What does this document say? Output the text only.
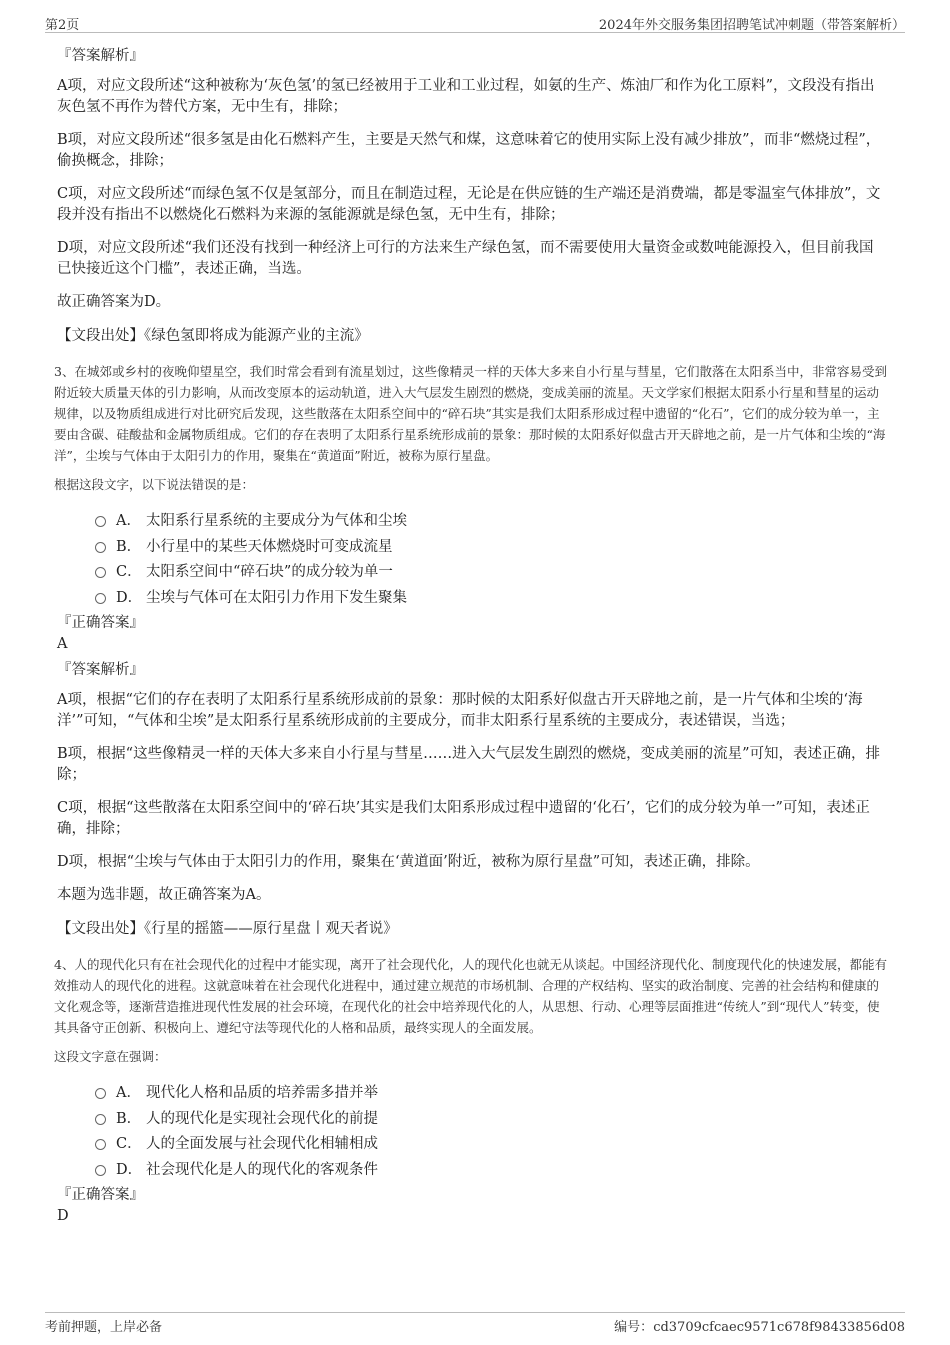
第2页	2024年外交服务集团招聘笔试冲刺题（带答案解析）
『答案解析』

A项，对应文段所述“这种被称为‘灰色氢’的氢已经被用于工业和工业过程，如氨的生产、炼油厂和作为化工原料”，文段没有指出灰色氢不再作为替代方案，无中生有，排除；

B项，对应文段所述“很多氢是由化石燃料产生，主要是天然气和煤，这意味着它的使用实际上没有减少排放”，而非“燃烧过程”，偷换概念，排除；

C项，对应文段所述“而绿色氢不仅是氢部分，而且在制造过程，无论是在供应链的生产端还是消费端，都是零温室气体排放”，文段并没有指出不以燃烧化石燃料为来源的氢能源就是绿色氢，无中生有，排除；

D项，对应文段所述“我们还没有找到一种经济上可行的方法来生产绿色氢，而不需要使用大量资金或数吨能源投入，但目前我国已快接近这个门槛”，表述正确，当选。

故正确答案为D。

【文段出处】《绿色氢即将成为能源产业的主流》

3、在城郊或乡村的夜晚仰望星空，我们时常会看到有流星划过，这些像精灵一样的天体大多来自小行星与彗星，它们散落在太阳系当中，非常容易受到附近较大质量天体的引力影响，从而改变原本的运动轨道，进入大气层发生剧烈的燃烧，变成美丽的流星。天文学家们根据太阳系小行星和彗星的运动规律，以及物质组成进行对比研究后发现，这些散落在太阳系空间中的“碎石块”其实是我们太阳系形成过程中遗留的“化石”，它们的成分较为单一，主要由含碳、硅酸盐和金属物质组成。它们的存在表明了太阳系行星系统形成前的景象：那时候的太阳系好似盘古开天辟地之前，是一片气体和尘埃的“海洋”，尘埃与气体由于太阳引力的作用，聚集在“黄道面”附近，被称为原行星盘。

根据这段文字，以下说法错误的是：

A． 太阳系行星系统的主要成分为气体和尘埃
B． 小行星中的某些天体燃烧时可变成流星
C． 太阳系空间中“碎石块”的成分较为单一
D． 尘埃与气体可在太阳引力作用下发生聚集
『正确答案』
A
『答案解析』

A项，根据“它们的存在表明了太阳系行星系统形成前的景象：那时候的太阳系好似盘古开天辟地之前，是一片气体和尘埃的‘海洋’”可知，“气体和尘埃”是太阳系行星系统形成前的主要成分，而非太阳系行星系统的主要成分，表述错误，当选；

B项，根据“这些像精灵一样的天体大多来自小行星与彗星……进入大气层发生剧烈的燃烧，变成美丽的流星”可知，表述正确，排除；

C项，根据“这些散落在太阳系空间中的‘碎石块’其实是我们太阳系形成过程中遗留的‘化石’，它们的成分较为单一”可知，表述正确，排除；

D项，根据“尘埃与气体由于太阳引力的作用，聚集在‘黄道面’附近，被称为原行星盘”可知，表述正确，排除。

本题为选非题，故正确答案为A。

【文段出处】《行星的摇篮——原行星盘丨观天者说》

4、人的现代化只有在社会现代化的过程中才能实现，离开了社会现代化，人的现代化也就无从谈起。中国经济现代化、制度现代化的快速发展，都能有效推动人的现代化的进程。这就意味着在社会现代化进程中，通过建立规范的市场机制、合理的产权结构、坚实的政治制度、完善的社会结构和健康的文化观念等，逐渐营造推进现代性发展的社会环境，在现代化的社会中培养现代化的人，从思想、行动、心理等层面推进“传统人”到“现代人”转变，使其具备守正创新、积极向上、遵纪守法等现代化的人格和品质，最终实现人的全面发展。

这段文字意在强调：

A． 现代化人格和品质的培养需多措并举
B． 人的现代化是实现社会现代化的前提
C． 人的全面发展与社会现代化相辅相成
D． 社会现代化是人的现代化的客观条件
『正确答案』
D
考前押题，上岸必备	编号：cd3709cfcaec9571c678f98433856d08
